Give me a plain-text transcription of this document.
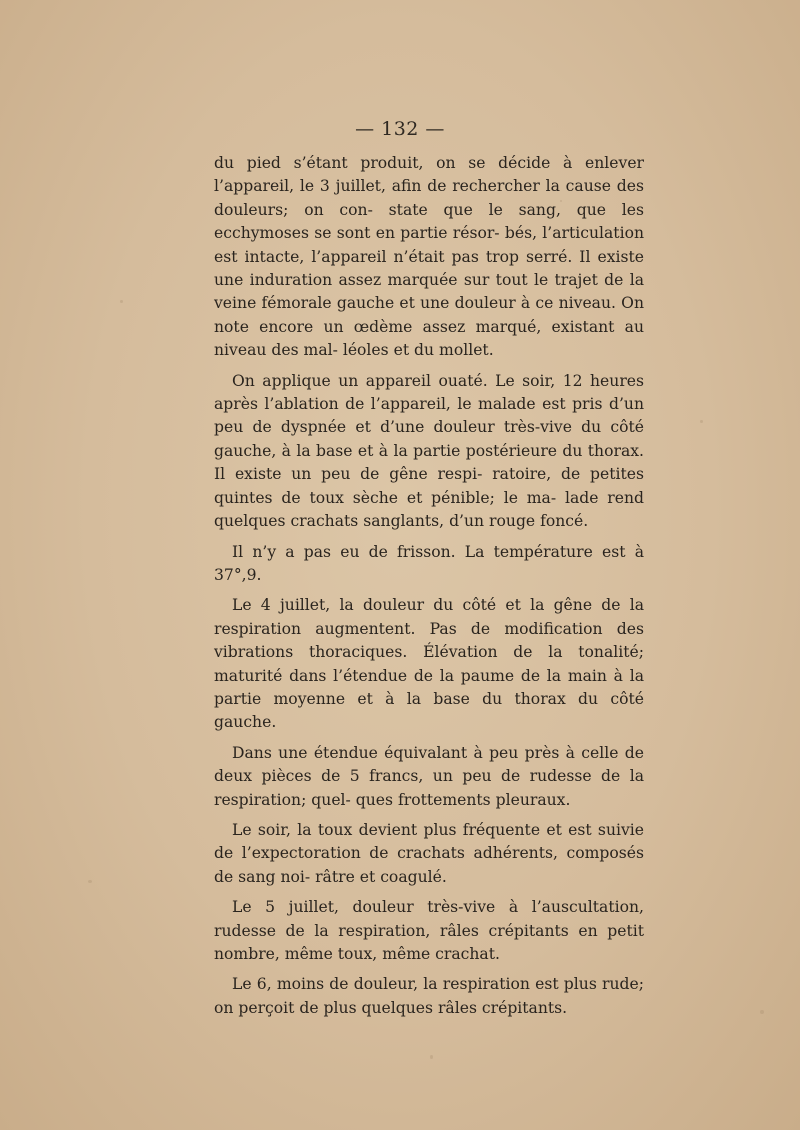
— 132 —

du pied s’étant produit, on se décide à enlever l’appareil, le 3 juillet, afin de rechercher la cause des douleurs; on con- state que le sang, que les ecchymoses se sont en partie résor- bés, l’articulation est intacte, l’appareil n’était pas trop serré. Il existe une induration assez marquée sur tout le trajet de la veine fémorale gauche et une douleur à ce niveau. On note encore un œdème assez marqué, existant au niveau des mal- léoles et du mollet.

On applique un appareil ouaté. Le soir, 12 heures après l’ablation de l’appareil, le malade est pris d’un peu de dyspnée et d’une douleur très-vive du côté gauche, à la base et à la partie postérieure du thorax. Il existe un peu de gêne respi- ratoire, de petites quintes de toux sèche et pénible; le ma- lade rend quelques crachats sanglants, d’un rouge foncé.

Il n’y a pas eu de frisson. La température est à 37°,9.

Le 4 juillet, la douleur du côté et la gêne de la respiration augmentent. Pas de modification des vibrations thoraciques. Élévation de la tonalité; maturité dans l’étendue de la paume de la main à la partie moyenne et à la base du thorax du côté gauche.

Dans une étendue équivalant à peu près à celle de deux pièces de 5 francs, un peu de rudesse de la respiration; quel- ques frottements pleuraux.

Le soir, la toux devient plus fréquente et est suivie de l’expectoration de crachats adhérents, composés de sang noi- râtre et coagulé.

Le 5 juillet, douleur très-vive à l’auscultation, rudesse de la respiration, râles crépitants en petit nombre, même toux, même crachat.

Le 6, moins de douleur, la respiration est plus rude; on perçoit de plus quelques râles crépitants.
